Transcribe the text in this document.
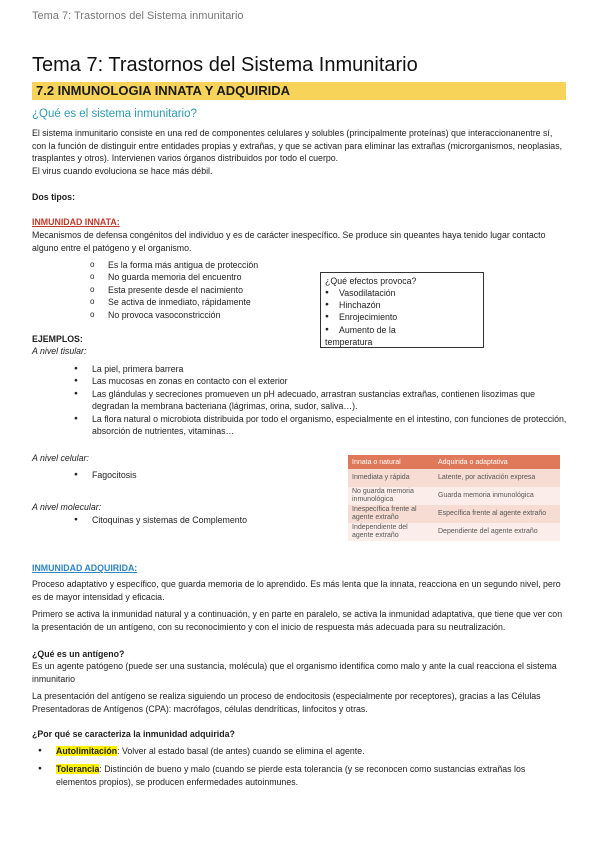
Tema 7: Trastornos del Sistema inmunitario
Tema 7: Trastornos del Sistema Inmunitario
7.2 INMUNOLOGIA INNATA Y ADQUIRIDA
¿Qué es el sistema inmunitario?
El sistema inmunitario consiste en una red de componentes celulares y solubles (principalmente proteínas) que interaccionanentre sí, con la función de distinguir entre entidades propias y extrañas, y que se activan para eliminar las extrañas (microrganismos, neoplasias, trasplantes y otros). Intervienen varios órganos distribuidos por todo el cuerpo.
El virus cuando evoluciona se hace más débil.
Dos tipos:
INMUNIDAD INNATA:
Mecanismos de defensa congénitos del individuo y es de carácter inespecífico. Se produce sin queantes haya tenido lugar contacto alguno entre el patógeno y el organismo.
o Es la forma más antigua de protección
o No guarda memoria del encuentro
o Esta presente desde el nacimiento
o Se activa de inmediato, rápidamente
o No provoca vasoconstricción
¿Qué efectos provoca?
● Vasodilatación
● Hinchazón
● Enrojecimiento
● Aumento de la
temperatura
EJEMPLOS:
A nivel tisular:
● La piel, primera barrera
● Las mucosas en zonas en contacto con el exterior
● Las glándulas y secreciones promueven un pH adecuado, arrastran sustancias extrañas, contienen lisozimas que degradan la membrana bacteriana (lágrimas, orina, sudor, saliva…).
● La flora natural o microbiota distribuida por todo el organismo, especialmente en el intestino, con funciones de protección, absorción de nutrientes, vitaminas…
A nivel celular:
● Fagocitosis
A nivel molecular:
● Citoquinas y sistemas de Complemento
Innata o natural	Adquirida o adaptativa
Inmediata y rápida	Latente, por activación expresa
No guarda memoria inmunológica	Guarda memoria inmunológica
Inespecífica frente al agente extraño	Específica frente al agente extraño
Independiente del agente extraño	Dependiente del agente extraño
INMUNIDAD ADQUIRIDA:
Proceso adaptativo y específico, que guarda memoria de lo aprendido. Es más lenta que la innata, reacciona en un segundo nivel, pero es de mayor intensidad y eficacia.
Primero se activa la inmunidad natural y a continuación, y en parte en paralelo, se activa la inmunidad adaptativa, que tiene que ver con la presentación de un antígeno, con su reconocimiento y con el inicio de respuesta más adecuada para su neutralización.
¿Qué es un antígeno?
Es un agente patógeno (puede ser una sustancia, molécula) que el organismo identifica como malo y ante la cual reacciona el sistema inmunitario
La presentación del antígeno se realiza siguiendo un proceso de endocitosis (especialmente por receptores), gracias a las Células Presentadoras de Antígenos (CPA): macrófagos, células dendríticas, linfocitos y otras.
¿Por qué se caracteriza la inmunidad adquirida?
● Autolimitación: Volver al estado basal (de antes) cuando se elimina el agente.
● Tolerancia: Distinción de bueno y malo (cuando se pierde esta tolerancia (y se reconocen como sustancias extrañas los elementos propios), se producen enfermedades autoinmunes.
